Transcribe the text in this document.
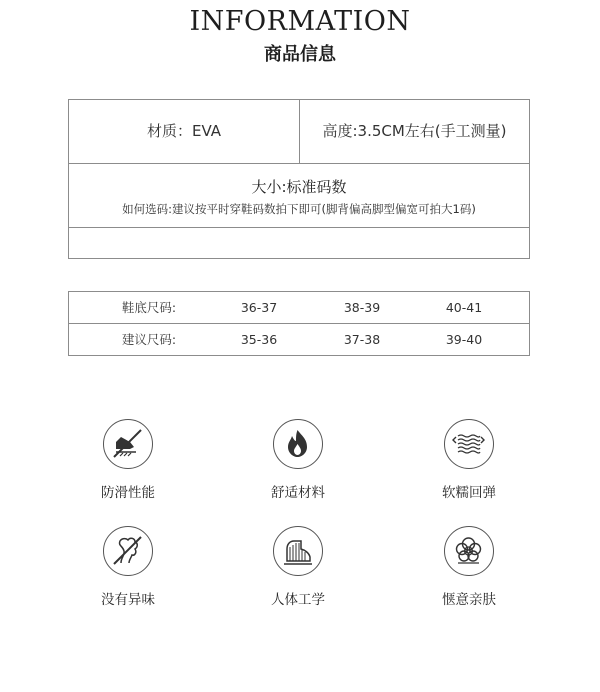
INFORMATION
商品信息
材质：EVA	高度:3.5CM左右(手工测量)
大小:标准码数
如何选码:建议按平时穿鞋码数拍下即可(脚背偏高脚型偏宽可拍大1码)
鞋底尺码:	36-37	38-39	40-41
建议尺码:	35-36	37-38	39-40
防滑性能	舒适材料	软糯回弹
没有异味	人体工学	惬意亲肤
